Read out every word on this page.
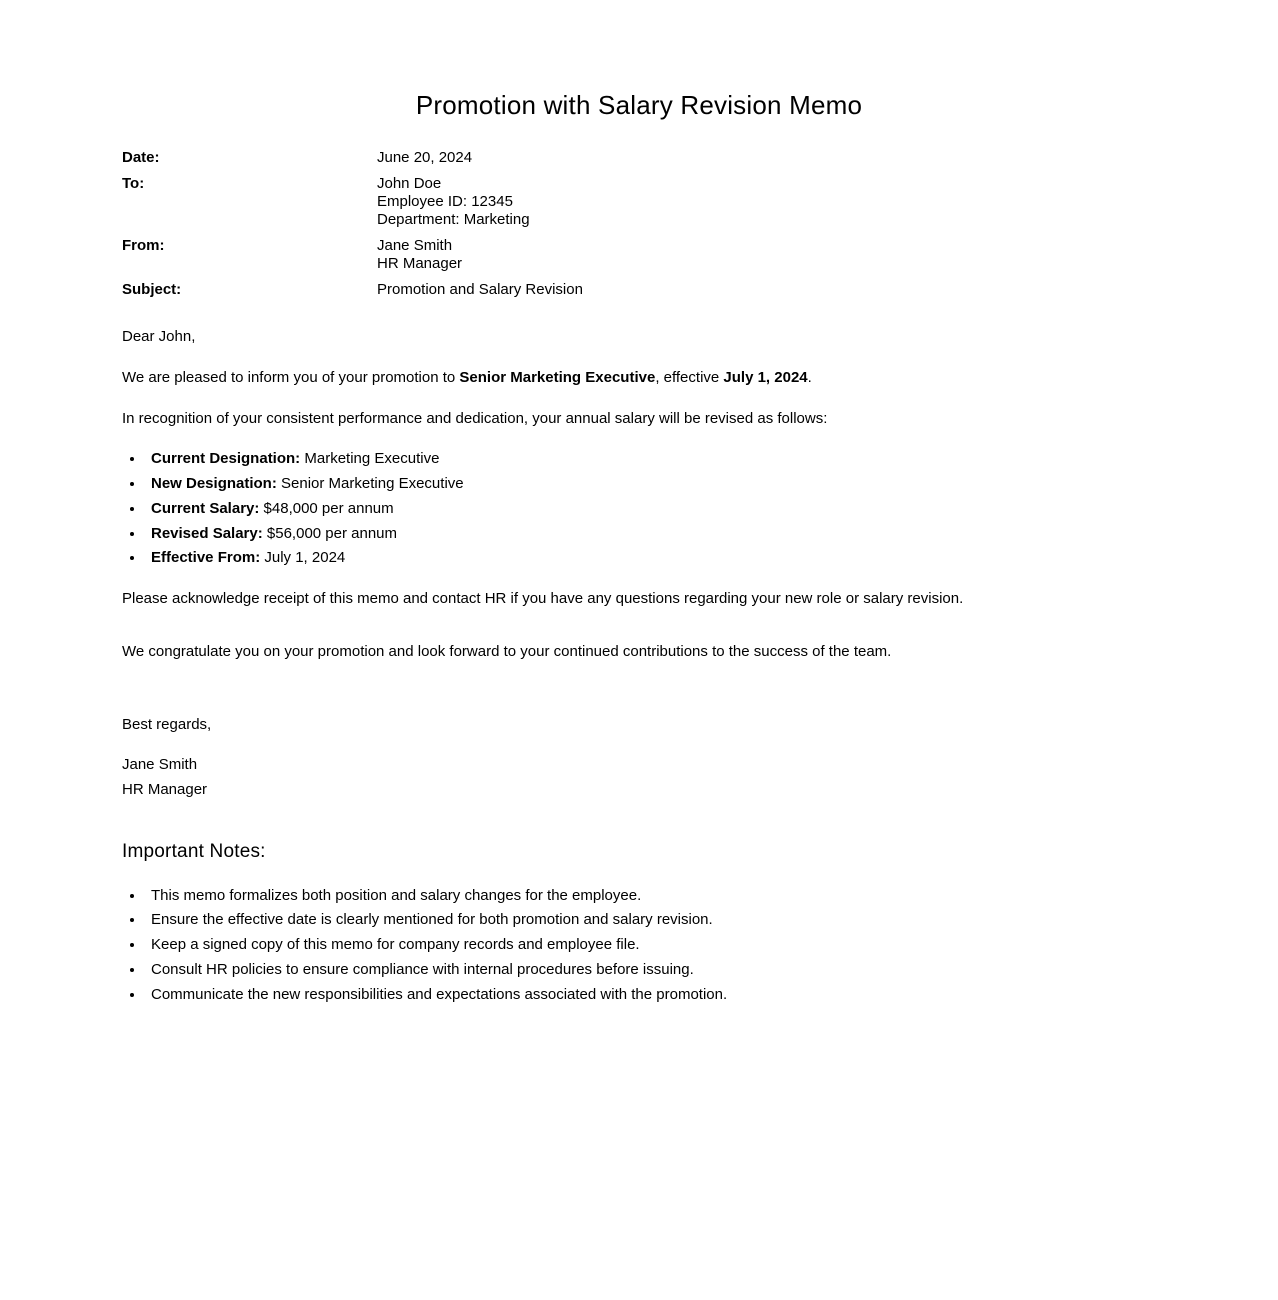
Promotion with Salary Revision Memo
Date:	June 20, 2024
To:	John Doe
Employee ID: 12345
Department: Marketing
From:	Jane Smith
HR Manager
Subject:	Promotion and Salary Revision

Dear John,

We are pleased to inform you of your promotion to Senior Marketing Executive, effective July 1, 2024.

In recognition of your consistent performance and dedication, your annual salary will be revised as follows:

• Current Designation: Marketing Executive
• New Designation: Senior Marketing Executive
• Current Salary: $48,000 per annum
• Revised Salary: $56,000 per annum
• Effective From: July 1, 2024

Please acknowledge receipt of this memo and contact HR if you have any questions regarding your new role or salary revision.

We congratulate you on your promotion and look forward to your continued contributions to the success of the team.

Best regards,

Jane Smith
HR Manager

Important Notes:
• This memo formalizes both position and salary changes for the employee.
• Ensure the effective date is clearly mentioned for both promotion and salary revision.
• Keep a signed copy of this memo for company records and employee file.
• Consult HR policies to ensure compliance with internal procedures before issuing.
• Communicate the new responsibilities and expectations associated with the promotion.
